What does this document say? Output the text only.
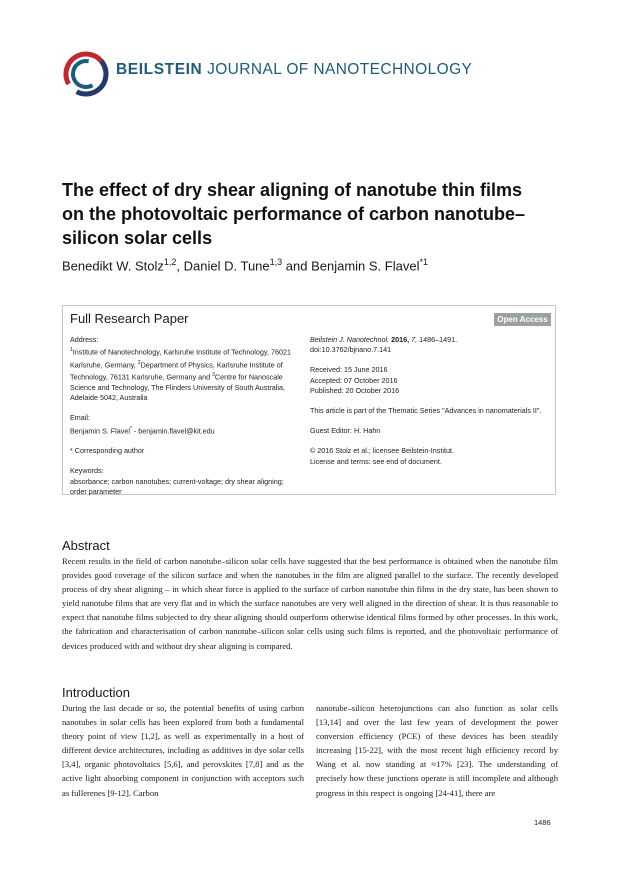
BEILSTEIN JOURNAL OF NANOTECHNOLOGY
The effect of dry shear aligning of nanotube thin films on the photovoltaic performance of carbon nanotube–silicon solar cells
Benedikt W. Stolz$^{1,2}$, Daniel D. Tune$^{1,3}$ and Benjamin S. Flavel$^{*1}$
Full Research Paper	Open Access
Address:
$^1$Institute of Nanotechnology, Karlsruhe Institute of Technology, 76021 Karlsruhe, Germany, $^2$Department of Physics, Karlsruhe Institute of Technology, 76131 Karlsruhe, Germany and $^3$Centre for Nanoscale Science and Technology, The Flinders University of South Australia, Adelaide 5042, Australia
Email:
Benjamin S. Flavel* - benjamin.flavel@kit.edu
* Corresponding author
Keywords:
absorbance; carbon nanotubes; current-voltage; dry shear aligning; order parameter
Beilstein J. Nanotechnol. 2016, 7, 1486–1491.
doi:10.3762/bjnano.7.141
Received: 15 June 2016
Accepted: 07 October 2016
Published: 20 October 2016
This article is part of the Thematic Series "Advances in nanomaterials II".
Guest Editor: H. Hahn
© 2016 Stolz et al.; licensee Beilstein-Institut.
License and terms: see end of document.
Abstract
Recent results in the field of carbon nanotube–silicon solar cells have suggested that the best performance is obtained when the nanotube film provides good coverage of the silicon surface and when the nanotubes in the film are aligned parallel to the surface. The recently developed process of dry shear aligning – in which shear force is applied to the surface of carbon nanotube thin films in the dry state, has been shown to yield nanotube films that are very flat and in which the surface nanotubes are very well aligned in the direction of shear. It is thus reasonable to expect that nanotube films subjected to dry shear aligning should outperform otherwise identical films formed by other processes. In this work, the fabrication and characterisation of carbon nanotube–silicon solar cells using such films is reported, and the photovoltaic performance of devices produced with and without dry shear aligning is compared.
Introduction
During the last decade or so, the potential benefits of using carbon nanotubes in solar cells has been explored from both a fundamental theory point of view [1,2], as well as experimentally in a host of different device architectures, including as additives in dye solar cells [3,4], organic photovoltaics [5,6], and perovskites [7,8] and as the active light absorbing component in conjunction with acceptors such as fullerenes [9-12]. Carbon
nanotube–silicon heterojunctions can also function as solar cells [13,14] and over the last few years of development the power conversion efficiency (PCE) of these devices has been steadily increasing [15-22], with the most recent high efficiency record by Wang et al. now standing at ≈17% [23]. The understanding of precisely how these junctions operate is still incomplete and although progress in this respect is ongoing [24-41], there are
1486
